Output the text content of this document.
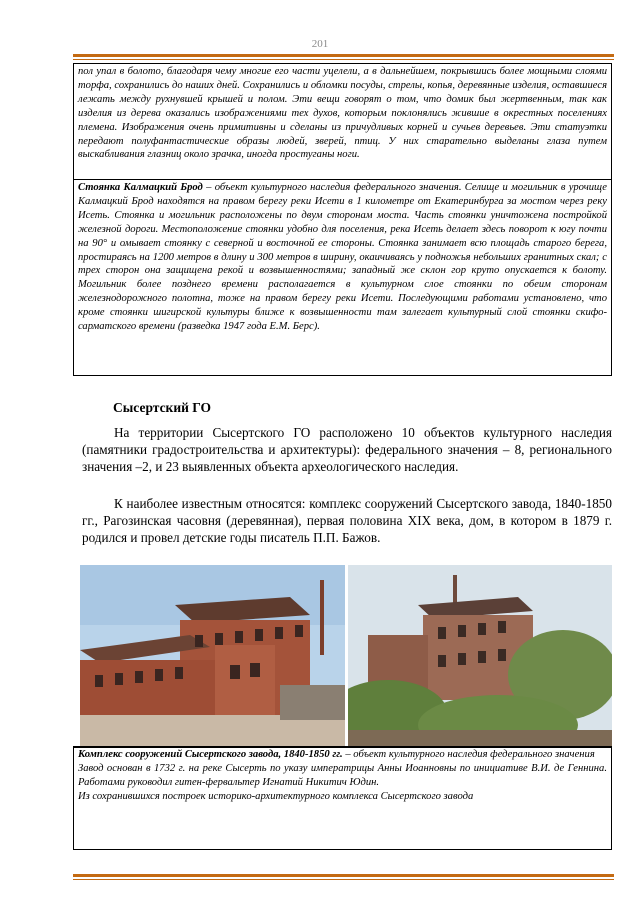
201

пол упал в болото, благодаря чему многие его части уцелели, а в дальнейшем, покрывшись более мощными слоями торфа, сохранились до наших дней. Сохранились и обломки посуды, стрелы, копья, деревянные изделия, оставшиеся лежать между рухнувшей крышей и полом. Эти вещи говорят о том, что домик был жертвенным, так как изделия из дерева оказались изображениями тех духов, которым поклонялись жившие в окрестных поселениях племена. Изображения очень примитивны и сделаны из причудливых корней и сучьев деревьев. Эти статуэтки передают полуфантастические образы людей, зверей, птиц. У них старательно выделаны глаза путем выскабливания глазниц около зрачка, иногда простуганы ноги.

Стоянка Калмацкий Брод – объект культурного наследия федерального значения. Селище и могильник в урочище Калмацкий Брод находятся на правом берегу реки Исети в 1 километре от Екатеринбурга за мостом через реку Исеть. Стоянка и могильник расположены по двум сторонам моста. Часть стоянки уничтожена постройкой железной дороги. Местоположение стоянки удобно для поселения, река Исеть делает здесь поворот к югу почти на 90° и омывает стоянку с северной и восточной ее стороны. Стоянка занимает всю площадь старого берега, простираясь на 1200 метров в длину и 300 метров в ширину, окаичиваясь у подножья небольших гранитных скал; с трех сторон она защищена рекой и возвышенностями; западный же склон гор круто опускается к болоту. Могильник более позднего времени располагается в культурном слое стоянки по обеим сторонам железнодорожного полотна, тоже на правом берегу реки Исети. Последующими работами установлено, что кроме стоянки шигирской культуры ближе к возвышенности там залегает культурный слой стоянки скифо-сарматского времени (разведка 1947 года Е.М. Берс).

Сысертский ГО

На территории Сысертского ГО расположено 10 объектов культурного наследия (памятники градостроительства и архитектуры): федерального значения – 8, регионального значения –2, и 23 выявленных объекта археологического наследия.

К наиболее известным относятся: комплекс сооружений Сысертского завода, 1840-1850 гг., Рагозинская часовня (деревянная), первая половина XIX века, дом, в котором в 1879 г. родился и провел детские годы писатель П.П. Бажов.

Комплекс сооружений Сысертского завода, 1840-1850 гг. – объект культурного наследия федерального значения

Завод основан в 1732 г. на реке Сысерть по указу императрицы Анны Иоанновны по инициативе В.И. де Геннина. Работами руководил гитен-фервальтер Игнатий Никитич Юдин.

Из сохранившихся построек историко-архитектурного комплекса Сысертского завода
